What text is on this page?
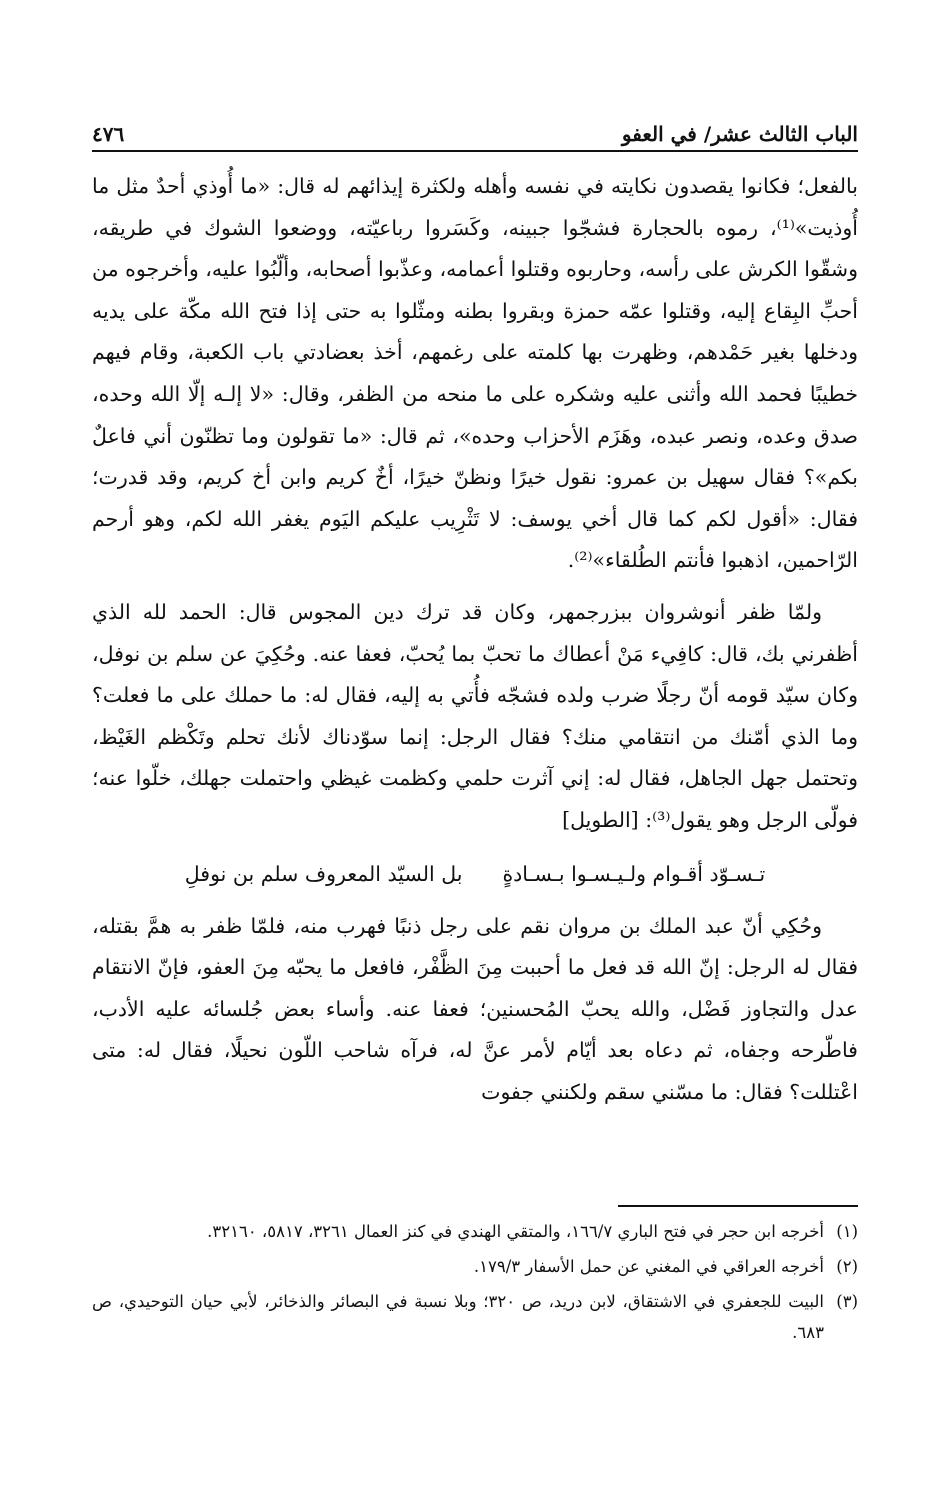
الباب الثالث عشر/ في العفو
٤٧٦

بالفعل؛ فكانوا يقصدون نكايته في نفسه وأهله ولكثرة إيذائهم له قال: «ما أُوذي أحدٌ مثل ما أُوذيت»⁽¹⁾، رموه بالحجارة فشجّوا جبينه، وكَسَروا رباعيّته، ووضعوا الشوك في طريقه، وشقّوا الكرش على رأسه، وحاربوه وقتلوا أعمامه، وعذّبوا أصحابه، وألّبُوا عليه، وأخرجوه من أحبِّ البِقاع إليه، وقتلوا عمّه حمزة وبقروا بطنه ومثّلوا به حتى إذا فتح الله مكّة على يديه ودخلها بغير حَمْدهم، وظهرت بها كلمته على رغمهم، أخذ بعضادتي باب الكعبة، وقام فيهم خطيبًا فحمد الله وأثنى عليه وشكره على ما منحه من الظفر، وقال: «لا إلـه إلّا الله وحده، صدق وعده، ونصر عبده، وهَزَم الأحزاب وحده»، ثم قال: «ما تقولون وما تظنّون أني فاعلٌ بكم»؟ فقال سهيل بن عمرو: نقول خيرًا ونظنّ خيرًا، أخٌ كريم وابن أخ كريم، وقد قدرت؛ فقال: «أقول لكم كما قال أخي يوسف: لا تَثْرِيب عليكم اليَوم يغفر الله لكم، وهو أرحم الرّاحمين، اذهبوا فأنتم الطُلقاء»⁽²⁾.

ولمّا ظفر أنوشروان ببزرجمهر، وكان قد ترك دين المجوس قال: الحمد لله الذي أظفرني بك، قال: كافِيء مَنْ أعطاك ما تحبّ بما يُحبّ، فعفا عنه. وحُكِيَ عن سلم بن نوفل، وكان سيّد قومه أنّ رجلًا ضرب ولده فشجّه فأُتي به إليه، فقال له: ما حملك على ما فعلت؟ وما الذي أمّنك من انتقامي منك؟ فقال الرجل: إنما سوّدناك لأنك تحلم وتَكْظم الغَيْظ، وتحتمل جهل الجاهل، فقال له: إني آثرت حلمي وكظمت غيظي واحتملت جهلك، خلّوا عنه؛ فولّى الرجل وهو يقول⁽³⁾: [الطويل]

تـسـوّد أقـوام ولـيـسـوا بـسـادةٍ
بل السيّد المعروف سلم بن نوفلِ

وحُكِي أنّ عبد الملك بن مروان نقم على رجل ذنبًا فهرب منه، فلمّا ظفر به همَّ بقتله، فقال له الرجل: إنّ الله قد فعل ما أحببت مِنَ الظَّفْر، فافعل ما يحبّه مِنَ العفو، فإنّ الانتقام عدل والتجاوز فَضْل، والله يحبّ المُحسنين؛ فعفا عنه. وأساء بعض جُلسائه عليه الأدب، فاطّرحه وجفاه، ثم دعاه بعد أيّام لأمر عنَّ له، فرآه شاحب اللّون نحيلًا، فقال له: متى اعْتللت؟ فقال: ما مسّني سقم ولكنني جفوت

(١)
أخرجه ابن حجر في فتح الباري ١٦٦/٧، والمتقي الهندي في كنز العمال ٣٢٦١، ٥٨١٧، ٣٢١٦٠.
(٢)
أخرجه العراقي في المغني عن حمل الأسفار ١٧٩/٣.
(٣)
البيت للجعفري في الاشتقاق، لابن دريد، ص ٣٢٠؛ وبلا نسبة في البصائر والذخائر، لأبي حيان التوحيدي، ص ٦٨٣.
